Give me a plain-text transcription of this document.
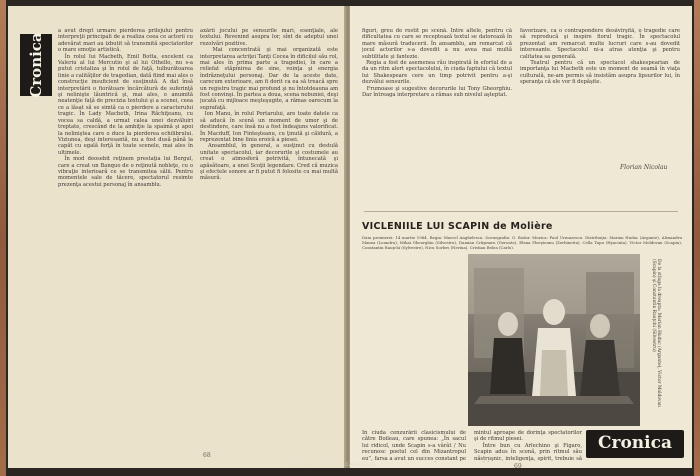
Cronica
a avut drept urmare pierderea prilejului pentru interpreţii principali de a realiza ceea ce actorii cu adevărat mari au izbutit să transmită spectatorilor o mare emoţie artistică.
În rolul lui Macbeth, Emil Botta, excelent ca Valeriu al lui Mercutio şi al lui Othello, nu s-a putut cristaliza şi în rolul de faţă, tulburătoarea linie a calităţilor de tragedian, dată fiind mai ales o construcţie insuficient de susţinută. A dat însă interpretării o fiorătoare încărcătură de suferinţă şi nelinişte lăuntrică şi, mai ales, o anumită neatenţie faţă de precizia textului şi a scenei, ceea ce a lăsat să se simtă ca o pierdere a caracterului tragic. În Lady Macbeth, Irina Răchiţeanu, cu vocea sa caldă, a urmat calea unei dezvăluiri treptate, crescând de la ambiţie la spaimă şi apoi la neliniştea care o duce la pierderea echilibrului. Viziunea, deşi interesantă, nu a fost dusă până la capăt cu egală forţă în toate scenele, mai ales în ultimele.
În mod deosebit reţinem prestaţia lui Bergul, care a creat un Banquo de o reţinută nobleţe, cu o vibraţie interioară ce se transmitea sălii. Pentru momentele sale de tăcere, spectatorul resimte prezenţa acestui personaj în ansamblu.
axării jocului pe sensurile mari, esenţiale, ale textului. Revenind asupra lor, sînt de adeptul unei rezolvări pozitive.
Mai concentrată şi mai organizată este interpretarea actriţei Tanţi Cocea în dificilul său rol, mai ales în prima parte a tragediei, în care a reliefat stăpînirea de sine, voinţa şi energia îndrăzneţului personaj. Dar de la aceste date, carecum exterioare, am fi dorit ca ea să treacă spre un registru tragic mai profund şi nu întotdeauna am fost convinşi. În partea a doua, scena nebuniei, deşi jucată cu mijloace meşteşugite, a rămas oarecum la suprafaţă.
Ion Manu, în rolul Portarului, are toate datele ca să aducă în scenă un moment de umor şi de destindere, care însă nu a fost îndeajuns valorificat. În Macduff, Ion Finteşteanu, cu ţinută şi căldură, a reprezentat bine linia eroică a piesei.
Ansamblul, în general, a susţinut cu destulă unitate spectacolul, iar decorurile şi costumele au creat o atmosferă potrivită, întunecată şi apăsătoare, a unei Scoţii legendare. Cred că muzica şi efectele sonore ar fi putut fi folosite cu mai multă măsură.
68
figuri, greu de rostit pe scenă. Între altele, pentru că dificultatea cu care se receptează textul se datorează în mare măsură traducerii. În ansamblu, am remarcat că jocul actorilor s-a dovedit a nu avea mai multă subtilitate şi fantezie.
Regia a fost de asemenea rău inspirată în efortul de a da un ritm alert spectacolului, în ciuda faptului că textul lui Shakespeare cere un timp potrivit pentru a-şi dezvălui sensurile.
Frumoase şi sugestive decorurile lui Tony Gheorghiu. Dar întreaga interpretare a rămas sub nivelul aşteptat.
favorizare, ca o contrapondere desăvîrşită, o tragedie care să reproducă şi inspire fiorul tragic. În spectacolul prezentat am remarcat multe lucruri care s-au dovedit interesante. Spectacolul ni-a atras atenţia şi pentru calitatea sa generală.
Teatrul pentru că un spectacol shakespearian de importanţa lui Macbeth este un moment de seamă în viaţa culturală, ne-am permis să insistăm asupra lipsurilor lui, în speranţa că ele vor fi depăşite.
Florian Nicolau
VICLENIILE LUI SCAPIN de Molière
Data premierei: 14 martie 1964. Regia: Marcel Anghelescu. Scenografia: G. Bodor. Muzica: Paul Urmuzescu. Distribuţia: Marian Hudac (Argante), Alexandru Manea (Leandru), Mihai Gheorghiu (Silvestru), Damian Crâşmaru (Geronte), Elena Ploeşteanu (Zerbinetta), Cella Tapu (Hyacinta), Victor Moldovan (Scapin), Constantin Rauţchi (Sylvestre), Nicu Sorbes (Nerina), Cristian Belea (Carlo).
De la stînga la dreapta: Marian Hudac (Argante), Victor Moldovan (Scapin) şi Constantin Rauţchi (Silvestru)
În ciuda cenzurării clasicismului de către Boileau, care spunea: „În sacul lui ridicol, unde Scapin s-a vârât / Nu recunosc poetul cel din Mizantropul eu”, farsa a avut un succes constant pe
mintul aproape de dorinţa spectatorilor şi de ritmul piesei.
Între bun cu Arlechino şi Figaro, Scapin adus în scenă, prin ritmul său năstruşnic, inteligenţa, spirit, trebuie să
Cronica
69
...PANIA ... UL I. L. CARAGIALE
